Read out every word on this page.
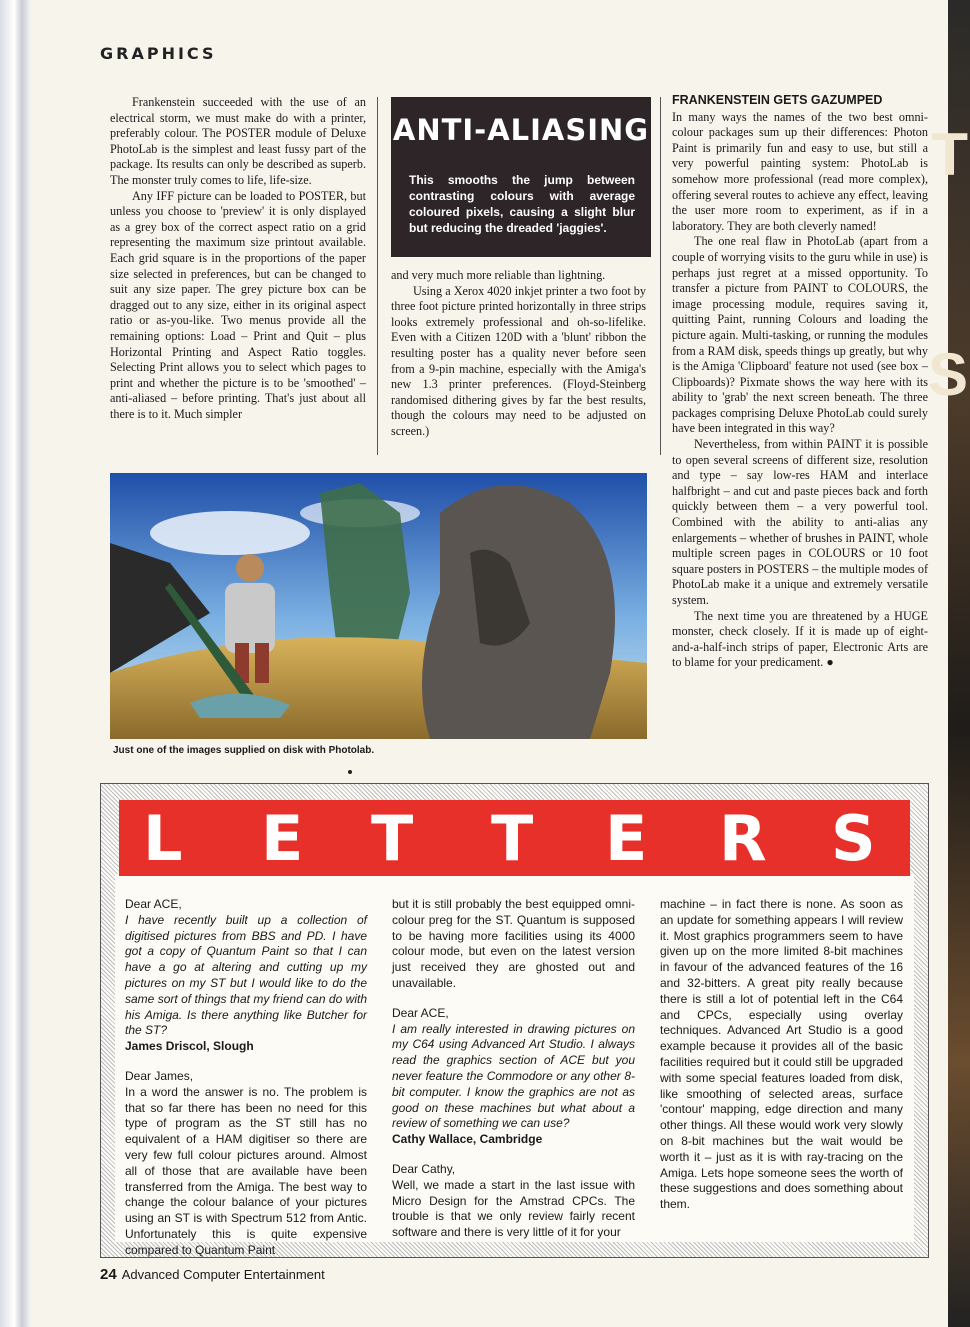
T
S
GRAPHICS

Frankenstein succeeded with the use of an electrical storm, we must make do with a printer, preferably colour. The POSTER module of Deluxe PhotoLab is the simplest and least fussy part of the package. Its results can only be described as superb. The monster truly comes to life, life-size.

Any IFF picture can be loaded to POSTER, but unless you choose to 'preview' it is only displayed as a grey box of the correct aspect ratio on a grid representing the maximum size printout available. Each grid square is in the proportions of the paper size selected in preferences, but can be changed to suit any size paper. The grey picture box can be dragged out to any size, either in its original aspect ratio or as-you-like. Two menus provide all the remaining options: Load – Print and Quit – plus Horizontal Printing and Aspect Ratio toggles. Selecting Print allows you to select which pages to print and whether the picture is to be 'smoothed' – anti-aliased – before printing. That's just about all there is to it. Much simpler

ANTI-ALIASING
This smooths the jump between contrasting colours with average coloured pixels, causing a slight blur but reducing the dreaded 'jaggies'.

and very much more reliable than lightning.

Using a Xerox 4020 inkjet printer a two foot by three foot picture printed horizontally in three strips looks extremely professional and oh-so-lifelike. Even with a Citizen 120D with a 'blunt' ribbon the resulting poster has a quality never before seen from a 9-pin machine, especially with the Amiga's new 1.3 printer preferences. (Floyd-Steinberg randomised dithering gives by far the best results, though the colours may need to be adjusted on screen.)

FRANKENSTEIN GETS GAZUMPED

In many ways the names of the two best omni-colour packages sum up their differences: Photon Paint is primarily fun and easy to use, but still a very powerful painting system: PhotoLab is somehow more professional (read more complex), offering several routes to achieve any effect, leaving the user more room to experiment, as if in a laboratory. They are both cleverly named!

The one real flaw in PhotoLab (apart from a couple of worrying visits to the guru while in use) is perhaps just regret at a missed opportunity. To transfer a picture from PAINT to COLOURS, the image processing module, requires saving it, quitting Paint, running Colours and loading the picture again. Multi-tasking, or running the modules from a RAM disk, speeds things up greatly, but why is the Amiga 'Clipboard' feature not used (see box – Clipboards)? Pixmate shows the way here with its ability to 'grab' the next screen beneath. The three packages comprising Deluxe PhotoLab could surely have been integrated in this way?

Nevertheless, from within PAINT it is possible to open several screens of different size, resolution and type – say low-res HAM and interlace halfbright – and cut and paste pieces back and forth quickly between them – a very powerful tool. Combined with the ability to anti-alias any enlargements – whether of brushes in PAINT, whole multiple screen pages in COLOURS or 10 foot square posters in POSTERS – the multiple modes of PhotoLab make it a unique and extremely versatile system.

The next time you are threatened by a HUGE monster, check closely. If it is made up of eight-and-a-half-inch strips of paper, Electronic Arts are to blame for your predicament. ●

Just one of the images supplied on disk with Photolab.
L E T T E R S

Dear ACE,

I have recently built up a collection of digitised pictures from BBS and PD. I have got a copy of Quantum Paint so that I can have a go at altering and cutting up my pictures on my ST but I would like to do the same sort of things that my friend can do with his Amiga. Is there anything like Butcher for the ST?

James Driscol, Slough

Dear James,

In a word the answer is no. The problem is that so far there has been no need for this type of program as the ST still has no equivalent of a HAM digitiser so there are very few full colour pictures around. Almost all of those that are available have been transferred from the Amiga. The best way to change the colour balance of your pictures using an ST is with Spectrum 512 from Antic. Unfortunately this is quite expensive compared to Quantum Paint

but it is still probably the best equipped omni-colour preg for the ST. Quantum is supposed to be having more facilities using its 4000 colour mode, but even on the latest version just received they are ghosted out and unavailable.

Dear ACE,

I am really interested in drawing pictures on my C64 using Advanced Art Studio. I always read the graphics section of ACE but you never feature the Commodore or any other 8-bit computer. I know the graphics are not as good on these machines but what about a review of something we can use?

Cathy Wallace, Cambridge

Dear Cathy,

Well, we made a start in the last issue with Micro Design for the Amstrad CPCs. The trouble is that we only review fairly recent software and there is very little of it for your

machine – in fact there is none. As soon as an update for something appears I will review it. Most graphics programmers seem to have given up on the more limited 8-bit machines in favour of the advanced features of the 16 and 32-bitters. A great pity really because there is still a lot of potential left in the C64 and CPCs, especially using overlay techniques. Advanced Art Studio is a good example because it provides all of the basic facilities required but it could still be upgraded with some special features loaded from disk, like smoothing of selected areas, surface 'contour' mapping, edge direction and many other things. All these would work very slowly on 8-bit machines but the wait would be worth it – just as it is with ray-tracing on the Amiga. Lets hope someone sees the worth of these suggestions and does something about them.

24 Advanced Computer Entertainment
